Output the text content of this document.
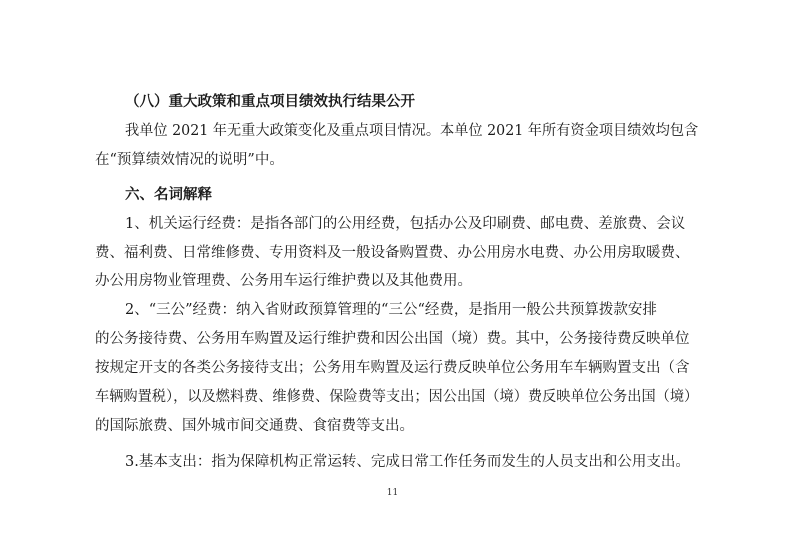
（八）重大政策和重点项目绩效执行结果公开
我单位 2021 年无重大政策变化及重点项目情况。本单位 2021 年所有资金项目绩效均包含
在“预算绩效情况的说明”中。
六、名词解释
1、机关运行经费：是指各部门的公用经费，包括办公及印刷费、邮电费、差旅费、会议
费、福利费、日常维修费、专用资料及一般设备购置费、办公用房水电费、办公用房取暖费、
办公用房物业管理费、公务用车运行维护费以及其他费用。
2、“三公”经费：纳入省财政预算管理的“三公“经费，是指用一般公共预算拨款安排
的公务接待费、公务用车购置及运行维护费和因公出国（境）费。其中，公务接待费反映单位
按规定开支的各类公务接待支出；公务用车购置及运行费反映单位公务用车车辆购置支出（含
车辆购置税），以及燃料费、维修费、保险费等支出；因公出国（境）费反映单位公务出国（境）
的国际旅费、国外城市间交通费、食宿费等支出。
3.基本支出：指为保障机构正常运转、完成日常工作任务而发生的人员支出和公用支出。
11
